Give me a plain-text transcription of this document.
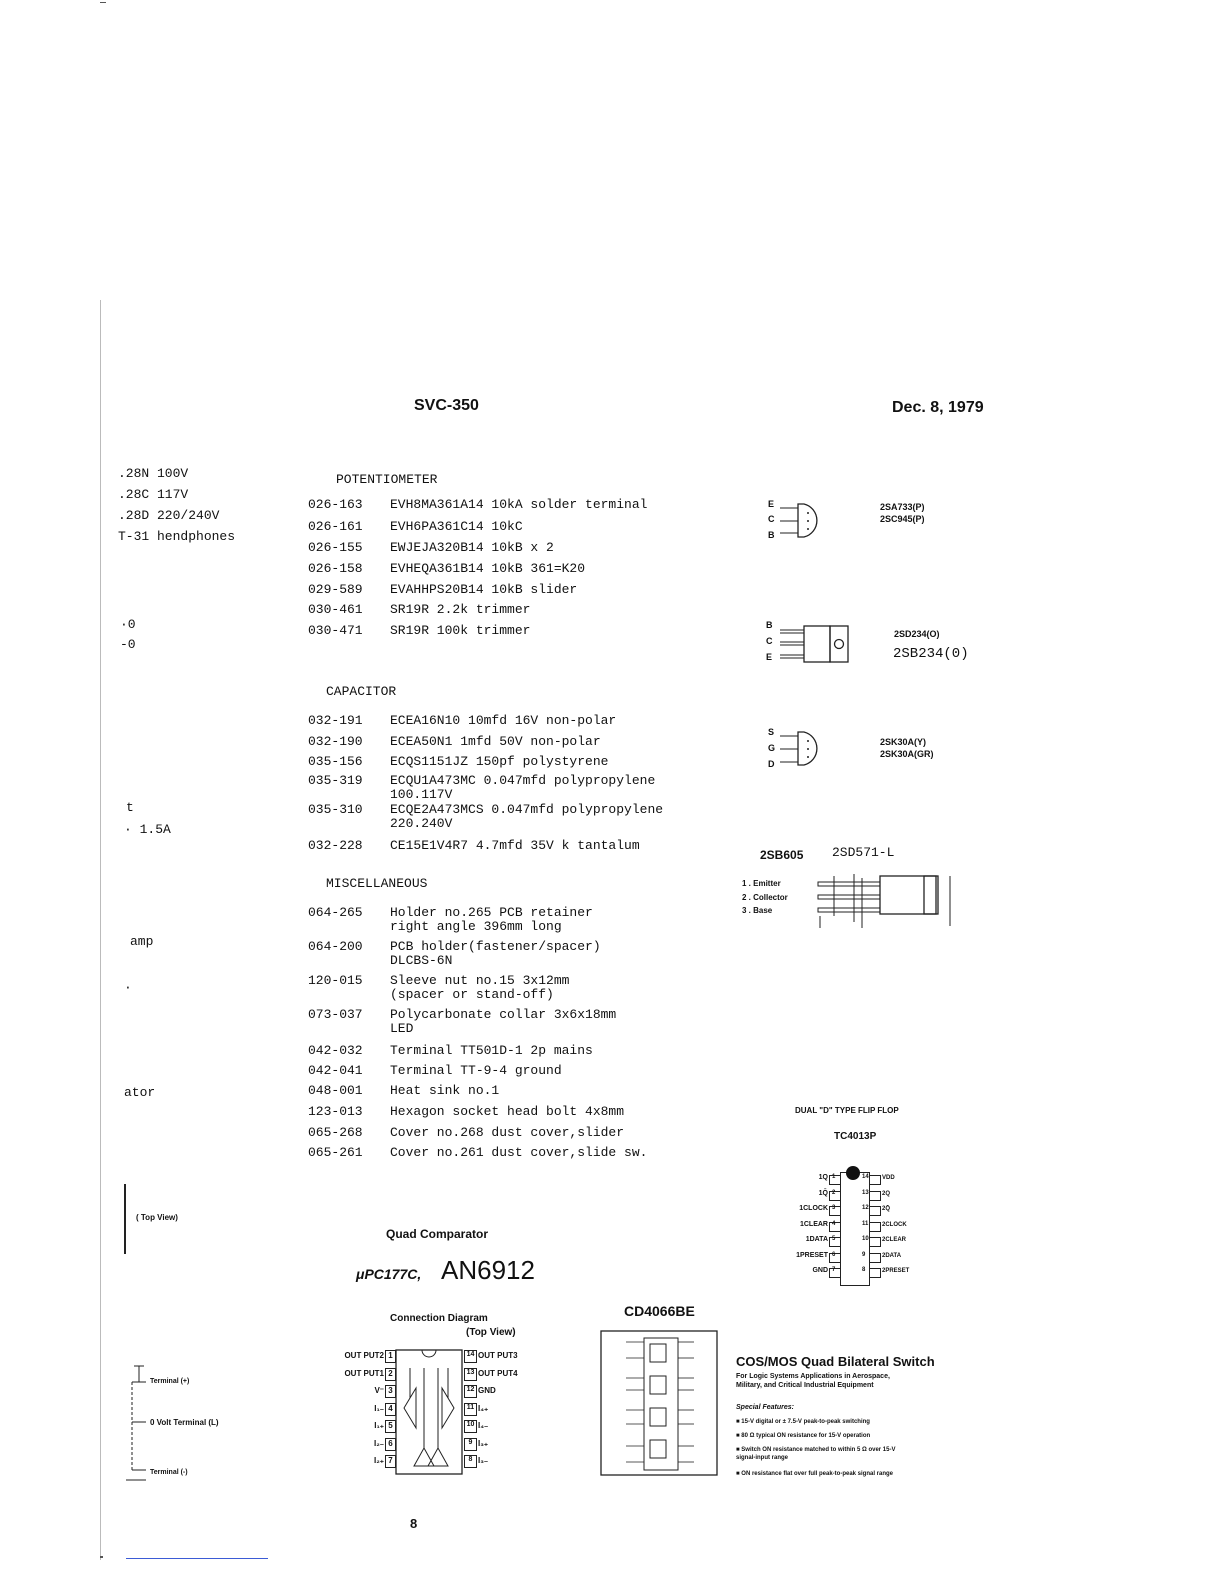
SVC-350	Dec. 8, 1979
.28N 100V
.28C 117V
.28D 220/240V
T-31 hendphones
·0
-0
t
· 1.5A
amp
·
ator
( Top View)
POTENTIOMETER
026-163 EVH8MA361A14 10kA solder terminal
026-161 EVH6PA361C14 10kC
026-155 EWJEJA320B14 10kB x 2
026-158 EVHEQA361B14 10kB 361=K20
029-589 EVAHHPS20B14 10kB slider
030-461 SR19R 2.2k trimmer
030-471 SR19R 100k trimmer
CAPACITOR
032-191 ECEA16N10 10mfd 16V non-polar
032-190 ECEA50N1 1mfd 50V non-polar
035-156 ECQS1151JZ 150pf polystyrene
035-319 ECQU1A473MC 0.047mfd polypropylene
100.117V
035-310 ECQE2A473MCS 0.047mfd polypropylene
220.240V
032-228 CE15E1V4R7 4.7mfd 35V k tantalum
MISCELLANEOUS
064-265 Holder no.265 PCB retainer
right angle 396mm long
064-200 PCB holder(fastener/spacer)
DLCBS-6N
120-015 Sleeve nut no.15 3x12mm
(spacer or stand-off)
073-037 Polycarbonate collar 3x6x18mm
LED
042-032 Terminal TT501D-1 2p mains
042-041 Terminal TT-9-4 ground
048-001 Heat sink no.1
123-013 Hexagon socket head bolt 4x8mm
065-268 Cover no.268 dust cover,slider
065-261 Cover no.261 dust cover,slide sw.
E
C
B
2SA733(P)
2SC945(P)
B
C
E
2SD234(O)
2SB234(0)
S
G
D
2SK30A(Y)
2SK30A(GR)
2SB605 2SD571-L
1 . Emitter
2 . Collector
3 . Base
DUAL "D" TYPE FLIP FLOP
TC4013P
1Q 1
1Q̄ 2
1CLOCK 3
1CLEAR 4
1DATA 5
1PRESET 6
GND 7
14 VDD
13 2Q
12 2Q̄
11 2CLOCK
10 2CLEAR
9	2DATA
8	2PRESET
Quad Comparator
μPC177C, AN6912
Connection Diagram
(Top View)
OUT PUT2 1
OUT PUT1 2
V⁻ 3
I₁₋ 4
I₁₊ 5
I₂₋ 6
I₂₊ 7
14 OUT PUT3
13 OUT PUT4
12 GND
11 I₄₊
10 I₄₋
9 I₃₊
8 I₃₋
CD4066BE
COS/MOS Quad Bilateral Switch
For Logic Systems Applications in Aerospace, Military, and Critical Industrial Equipment
Special Features:
■ 15-V digital or ± 7.5-V peak-to-peak switching
■ 80 Ω typical ON resistance for 15-V operation
■ Switch ON resistance matched to within 5 Ω over 15-V signal-input range
■ ON resistance flat over full peak-to-peak signal range
Terminal (+)
0 Volt Terminal (L)
Terminal (-)
8
